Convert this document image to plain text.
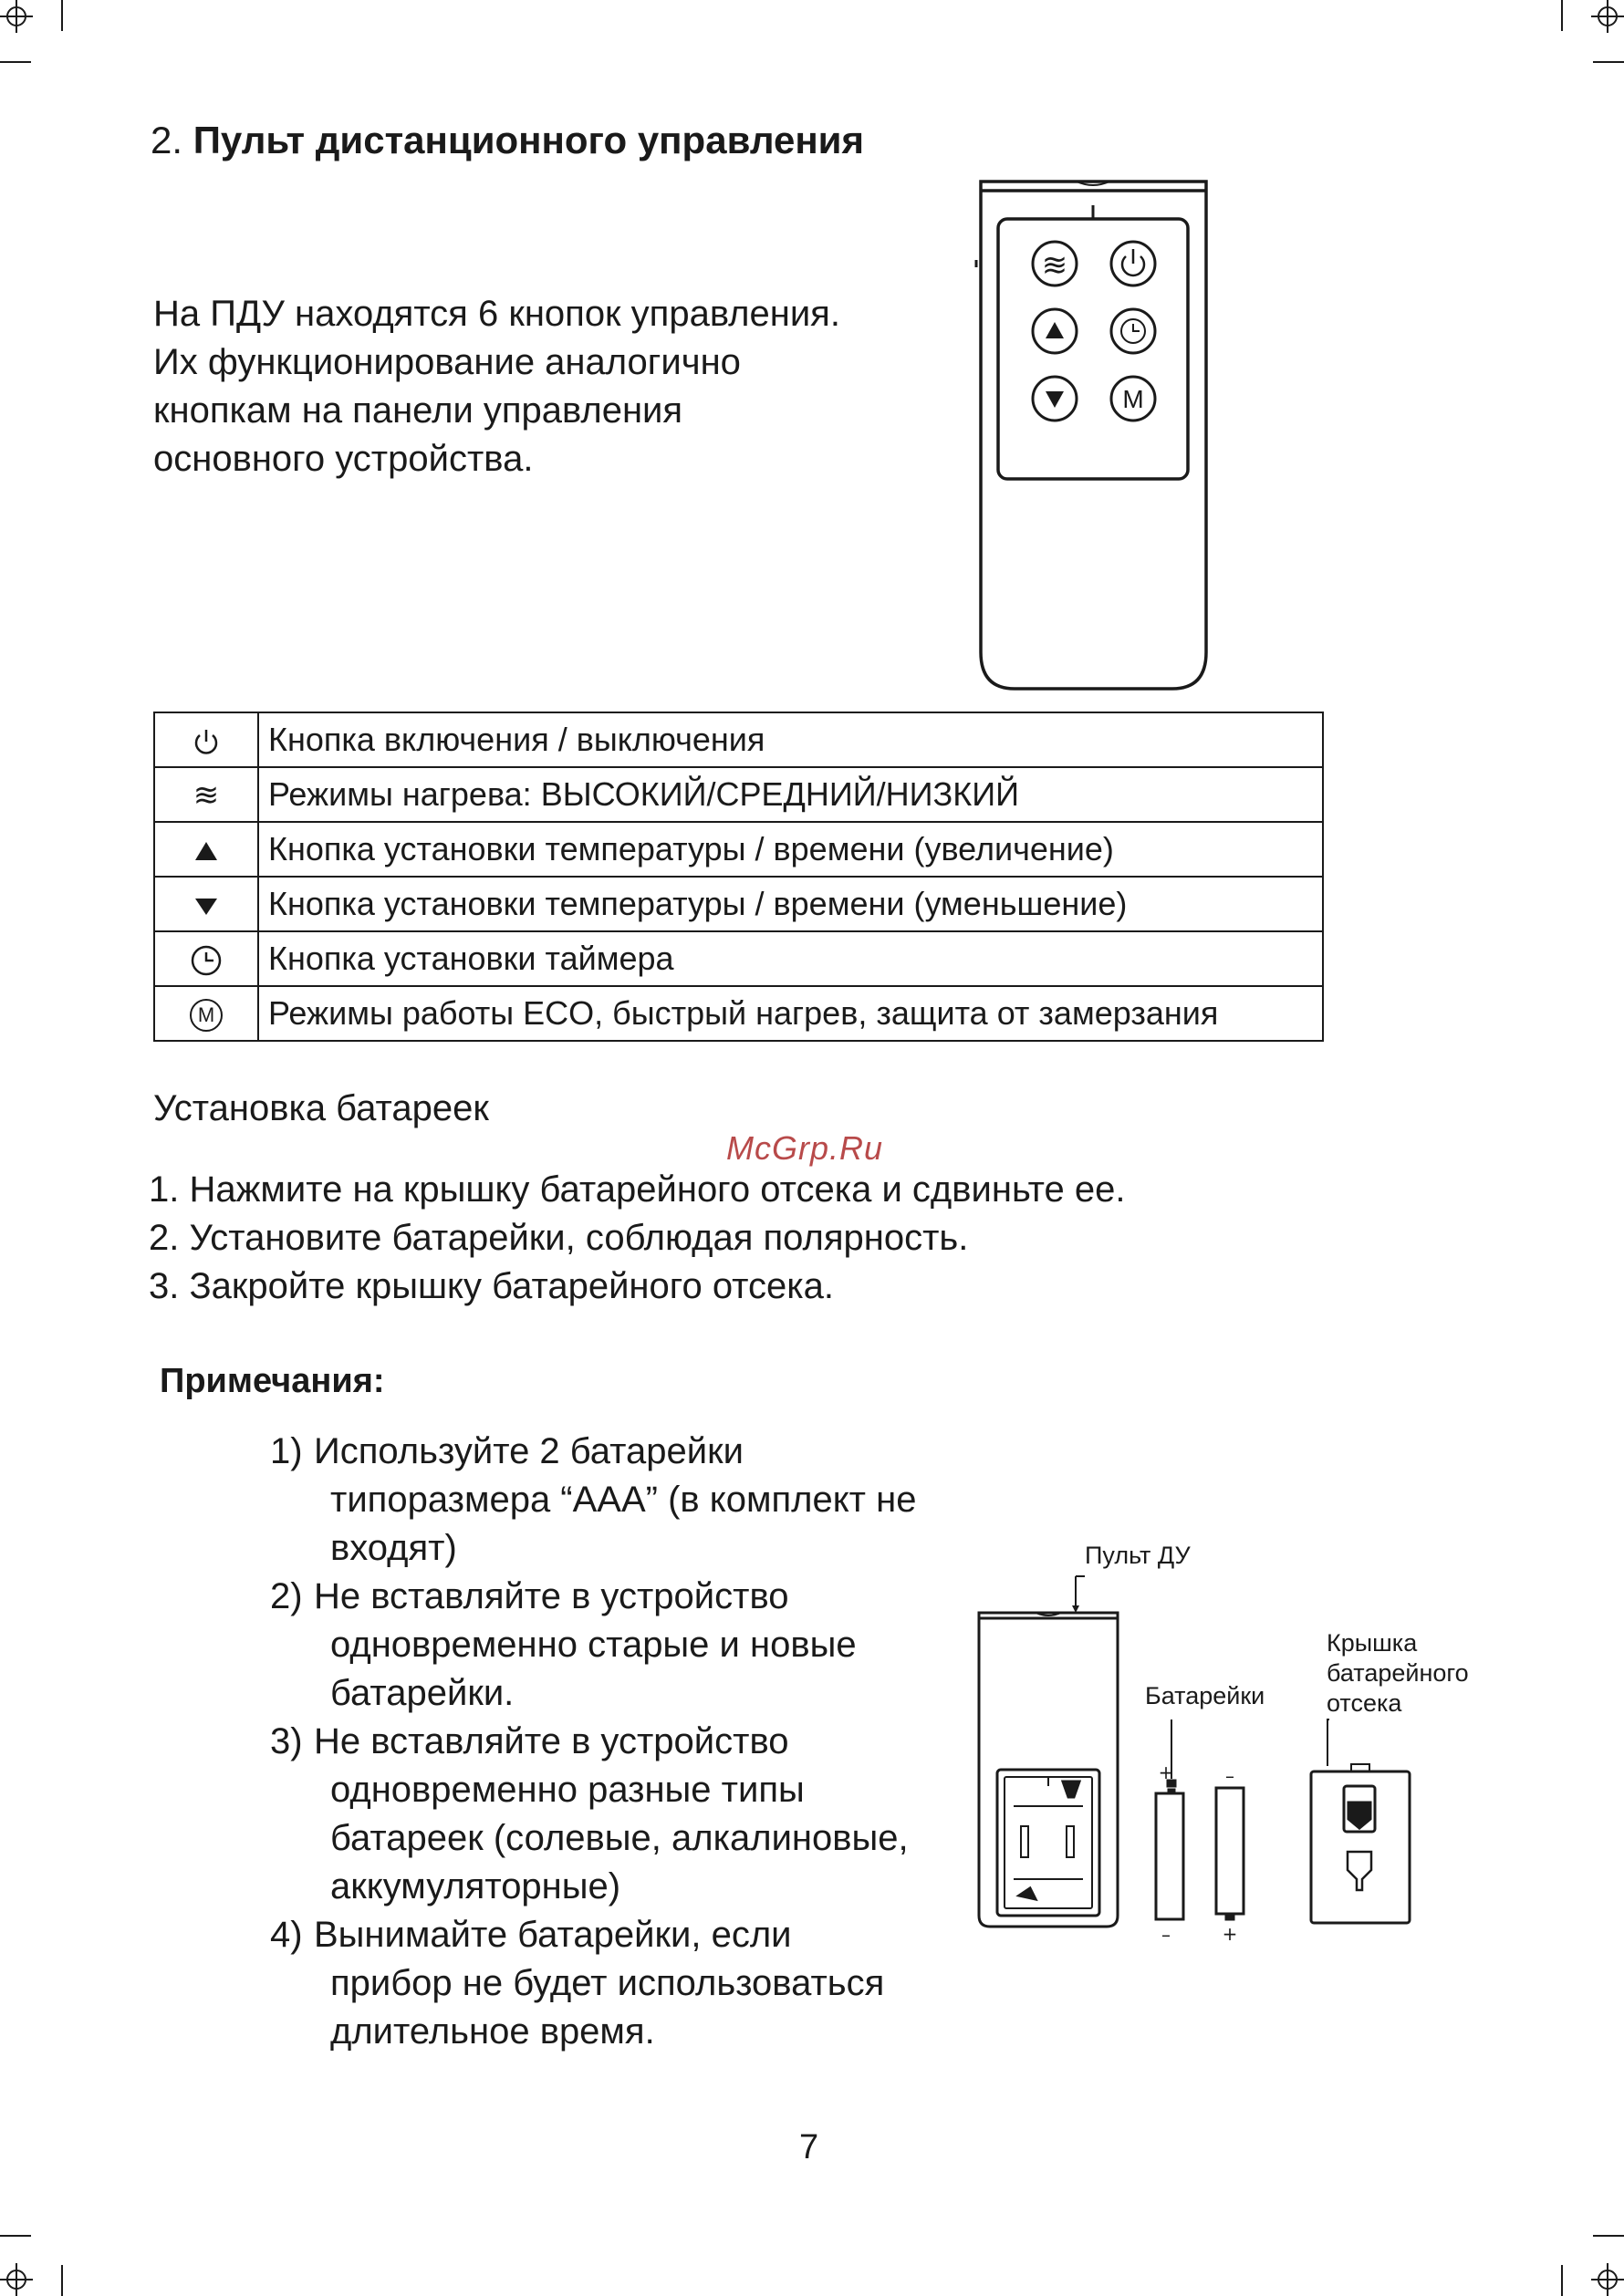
2. Пульт дистанционного управления
На ПДУ находятся 6 кнопок управления.
Их функционирование аналогично
кнопкам на панели управления
основного устройства.
≋
M
	Кнопка включения / выключения
≋	Режимы нагрева: ВЫСОКИЙ/СРЕДНИЙ/НИЗКИЙ
	Кнопка установки температуры / времени (увеличение)
	Кнопка установки температуры / времени (уменьшение)
	Кнопка установки таймера
M	Режимы работы ECO, быстрый нагрев, защита от замерзания
Установка батареек
McGrp.Ru
1. Нажмите на крышку батарейного отсека и сдвиньте ее.
2. Установите батарейки, соблюдая полярность.
3. Закройте крышку батарейного отсека.
Примечания:
1) Используйте 2 батарейки
типоразмера “ААА” (в комплект не
входят)
2) Не вставляйте в устройство
одновременно старые и новые
батарейки.
3) Не вставляйте в устройство
одновременно разные типы
батареек (солевые, алкалиновые,
аккумуляторные)
4) Вынимайте батарейки, если
прибор не будет использоваться
длительное время.
Пульт ДУ
Батарейки
Крышка
батарейного
отсека
+
–
–
+
7
